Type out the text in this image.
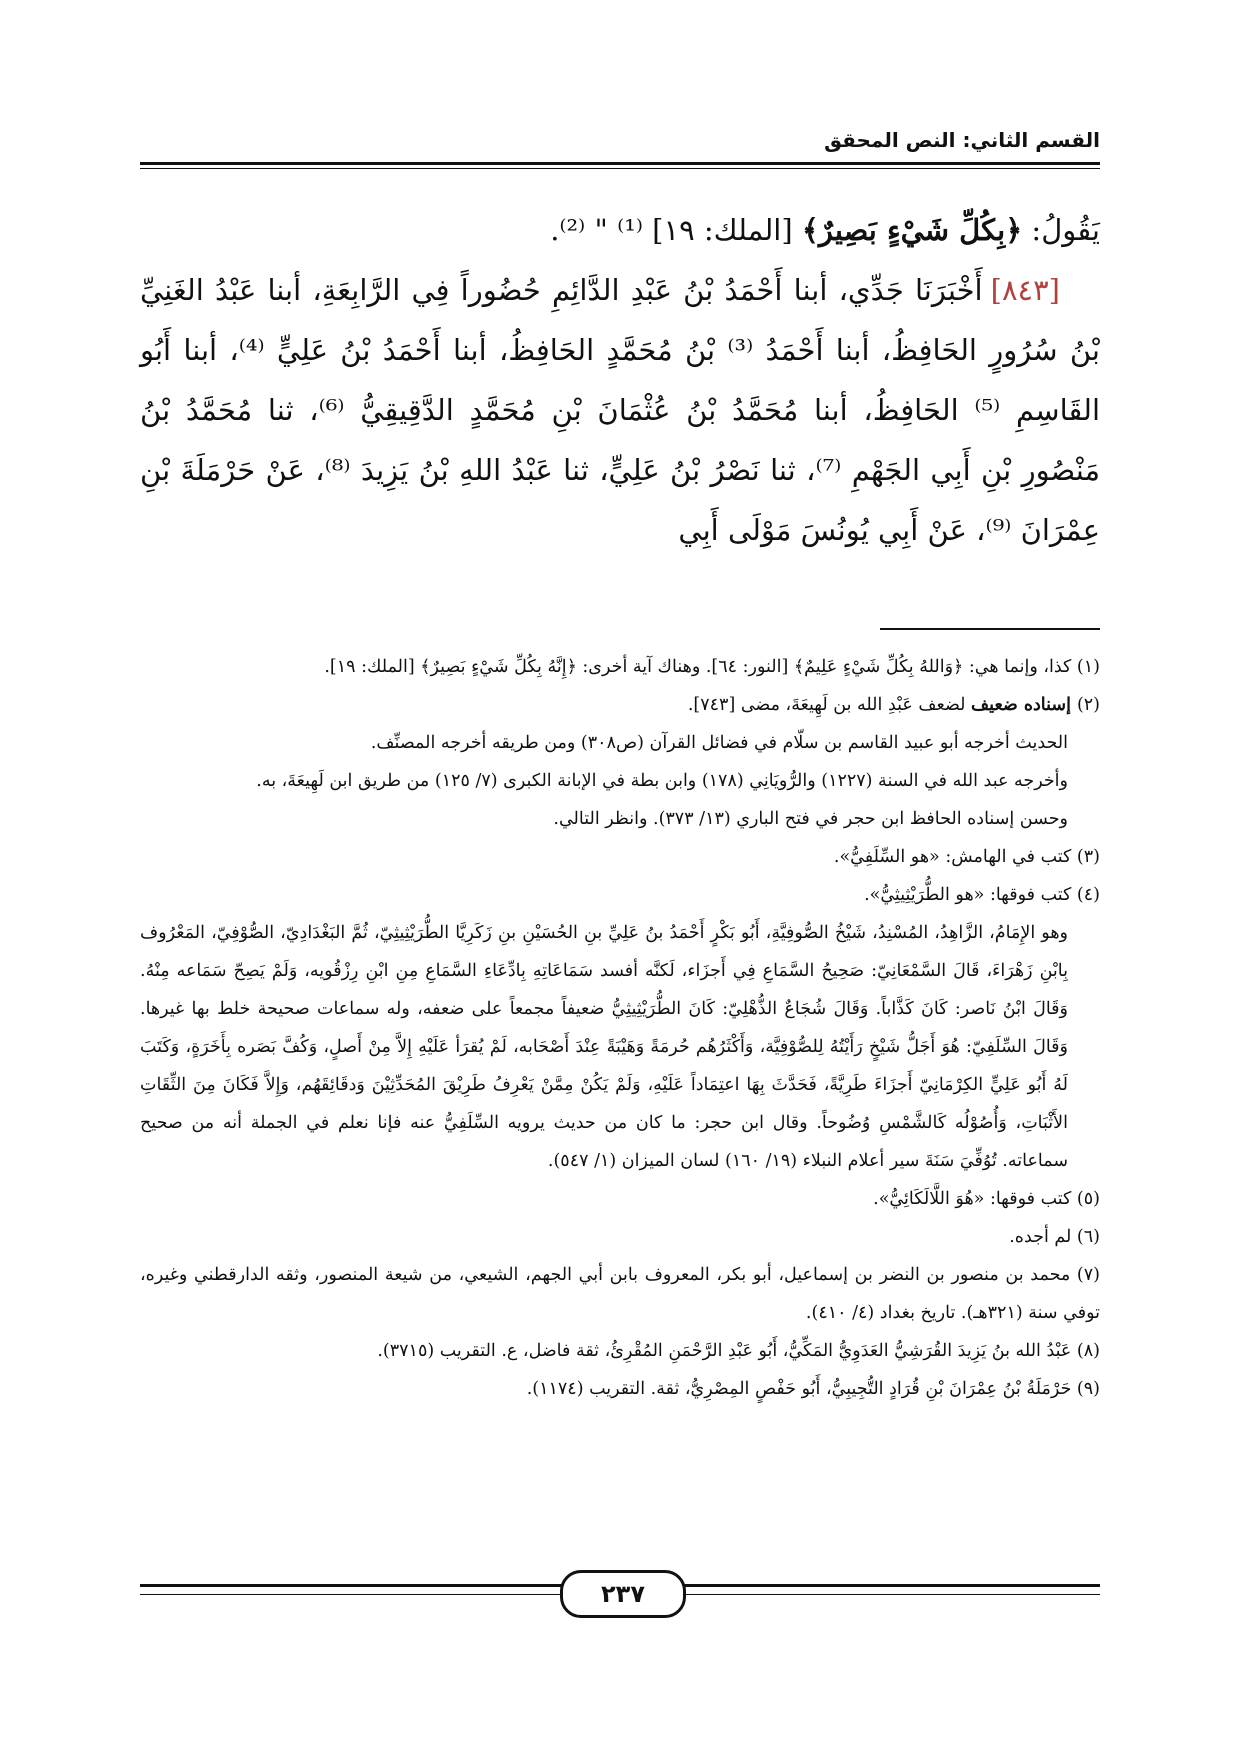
القسم الثاني: النص المحقق

يَقُولُ: ﴿بِكُلِّ شَيْءٍ بَصِيرٌ﴾ [الملك: ١٩] ⁽¹⁾ " ⁽²⁾.

[٨٤٣]أَخْبَرَنَا جَدِّي، أبنا أَحْمَدُ بْنُ عَبْدِ الدَّائِمِ حُضُوراً فِي الرَّابِعَةِ، أبنا عَبْدُ الغَنِيِّ بْنُ سُرُورٍ الحَافِظُ، أبنا أَحْمَدُ ⁽³⁾ بْنُ مُحَمَّدٍ الحَافِظُ، أبنا أَحْمَدُ بْنُ عَلِيٍّ ⁽⁴⁾، أبنا أَبُو القَاسِمِ ⁽⁵⁾ الحَافِظُ، أبنا مُحَمَّدُ بْنُ عُثْمَانَ بْنِ مُحَمَّدٍ الدَّقِيقِيُّ ⁽⁶⁾، ثنا مُحَمَّدُ بْنُ مَنْصُورِ بْنِ أَبِي الجَهْمِ ⁽⁷⁾، ثنا نَصْرُ بْنُ عَلِيٍّ، ثنا عَبْدُ اللهِ بْنُ يَزِيدَ ⁽⁸⁾، عَنْ حَرْمَلَةَ بْنِ عِمْرَانَ ⁽⁹⁾، عَنْ أَبِي يُونُسَ مَوْلَى أَبِي

(١) كذا، وإنما هي: ﴿وَاللهُ بِكُلِّ شَيْءٍ عَلِيمٌ﴾ [النور: ٦٤]. وهناك آية أخرى: ﴿إِنَّهُ بِكُلِّ شَيْءٍ بَصِيرٌ﴾ [الملك: ١٩].

(٢)إسناده ضعيف لضعف عَبْدِ الله بن لَهِيعَةَ، مضى [٧٤٣].

الحديث أخرجه أبو عبيد القاسم بن سلّام في فضائل القرآن (ص٣٠٨) ومن طريقه أخرجه المصنِّف.

وأخرجه عبد الله في السنة (١٢٢٧) والرُّويَانِي (١٧٨) وابن بطة في الإبانة الكبرى (٧/ ١٢٥) من طريق ابن لَهِيعَةَ، به.

وحسن إسناده الحافظ ابن حجر في فتح الباري (١٣/ ٣٧٣). وانظر التالي.

(٣) كتب في الهامش: «هو السِّلَفِيُّ».

(٤) كتب فوقها: «هو الطُّرَيْثِيثِيُّ».

وهو الإِمَامُ، الزَّاهِدُ، المُسْنِدُ، شَيْخُ الصُّوفِيَّةِ، أَبُو بَكْرٍ أَحْمَدُ بنُ عَلِيِّ بنِ الحُسَيْنِ بنِ زَكَرِيَّا الطُّرَيْثِيثِيّ، ثُمَّ البَغْدَادِيّ، الصُّوْفِيّ، المَعْرُوف بِابْنِ زَهْرَاءَ، قَالَ السَّمْعَانِيّ: صَحِيحُ السَّمَاعِ فِي أَجزَاء، لَكنَّه أفسد سَمَاعَاتِهِ بِادِّعَاءِ السَّمَاعِ مِنِ ابْنِ رِزْقُويه، وَلَمْ يَصِحّ سَمَاعه مِنْهُ. وَقَالَ ابْنُ نَاصر: كَانَ كَذَّاباً. وَقَالَ شُجَاعٌ الذُّهْلِيّ: كَانَ الطُّرَيْثِيثِيُّ ضعيفاً مجمعاً على ضعفه، وله سماعات صحيحة خلط بها غيرها. وَقَالَ السِّلَفِيّ: هُوَ أَجَلُّ شَيْخٍ رَأَيْتُهُ لِلصُّوْفِيَّة، وَأَكْثَرُهُم حُرمَةً وَهَيْبَةً عِنْدَ أَصْحَابه، لَمْ يُقرَأ عَلَيْهِ إِلاَّ مِنْ أَصلٍ، وَكُفَّ بَصَره بِأَخَرَةٍ، وَكَتَبَ لَهُ أَبُو عَلِيٍّ الكِرْمَانِيّ أَجزَاءَ طَرِيَّةً، فَحَدَّثَ بِهَا اعتِمَاداً عَلَيْهِ، وَلَمْ يَكُنْ مِمَّنْ يَعْرِفُ طَرِيْقَ المُحَدِّثِيْنَ وَدقَائِقَهُم، وَإِلاَّ فَكَانَ مِنَ الثِّقَاتِ الأَثْبَاتِ، وَأُصُوْلُه كَالشَّمْسِ وُضُوحاً. وقال ابن حجر: ما كان من حديث يرويه السِّلَفِيُّ عنه فإنا نعلم في الجملة أنه من صحيح سماعاته. تُوُفِّيَ سَنَةَ سير أعلام النبلاء (١٩/ ١٦٠) لسان الميزان (١/ ٥٤٧).

(٥) كتب فوقها: «هُوَ اللَّالَكَائِيُّ».

(٦) لم أجده.

(٧) محمد بن منصور بن النضر بن إسماعيل، أبو بكر، المعروف بابن أبي الجهم، الشيعي، من شيعة المنصور، وثقه الدارقطني وغيره، توفي سنة (٣٢١هـ). تاريخ بغداد (٤/ ٤١٠).

(٨) عَبْدُ الله بنُ يَزِيدَ القُرَشِيُّ العَدَوِيُّ المَكِّيُّ، أَبُو عَبْدِ الرَّحْمَنِ المُقْرِئُ، ثقة فاضل، ع. التقريب (٣٧١٥).

(٩) حَرْمَلَةُ بْنُ عِمْرَانَ بْنِ قُرَادٍ التُّجِيبِيُّ، أَبُو حَفْصٍ المِصْرِيُّ، ثقة. التقريب (١١٧٤).

٢٣٧
